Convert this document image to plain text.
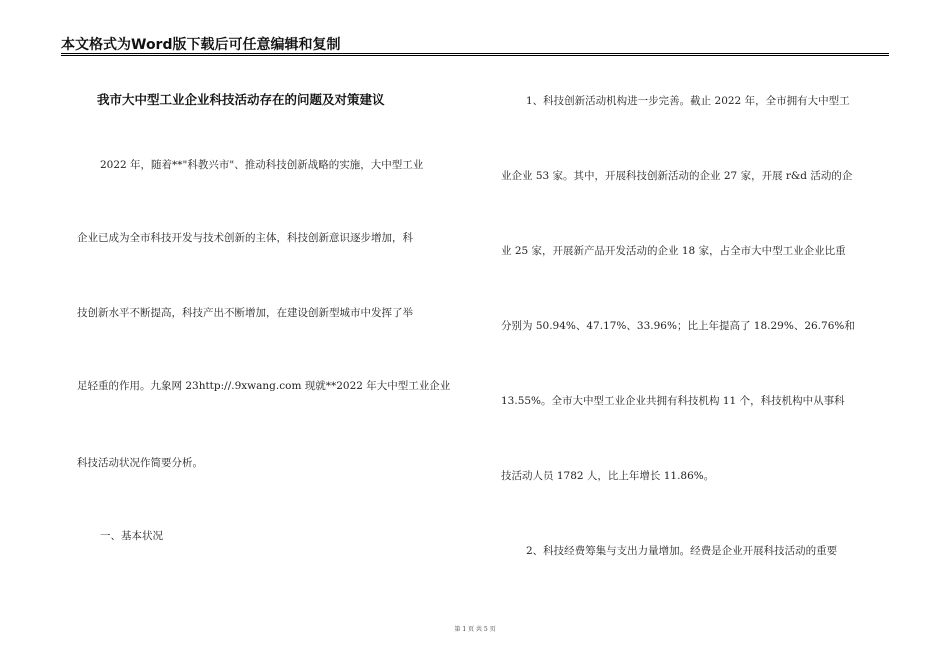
本文格式为Word版下载后可任意编辑和复制
我市大中型工业企业科技活动存在的问题及对策建议
2022 年，随着**"科教兴市"、推动科技创新战略的实施，大中型工业
企业已成为全市科技开发与技术创新的主体，科技创新意识逐步增加，科
技创新水平不断提高，科技产出不断增加，在建设创新型城市中发挥了举
足轻重的作用。九象网 23http://.9xwang.com 现就**2022 年大中型工业企业
科技活动状况作简要分析。
一、基本状况
1、科技创新活动机构进一步完善。截止 2022 年，全市拥有大中型工
业企业 53 家。其中，开展科技创新活动的企业 27 家，开展 r&d 活动的企
业 25 家，开展新产品开发活动的企业 18 家，占全市大中型工业企业比重
分别为 50.94%、47.17%、33.96%；比上年提高了 18.29%、26.76%和
13.55%。全市大中型工业企业共拥有科技机构 11 个，科技机构中从事科
技活动人员 1782 人，比上年增长 11.86%。
2、科技经费筹集与支出力量增加。经费是企业开展科技活动的重要
第 1 页 共 5 页
